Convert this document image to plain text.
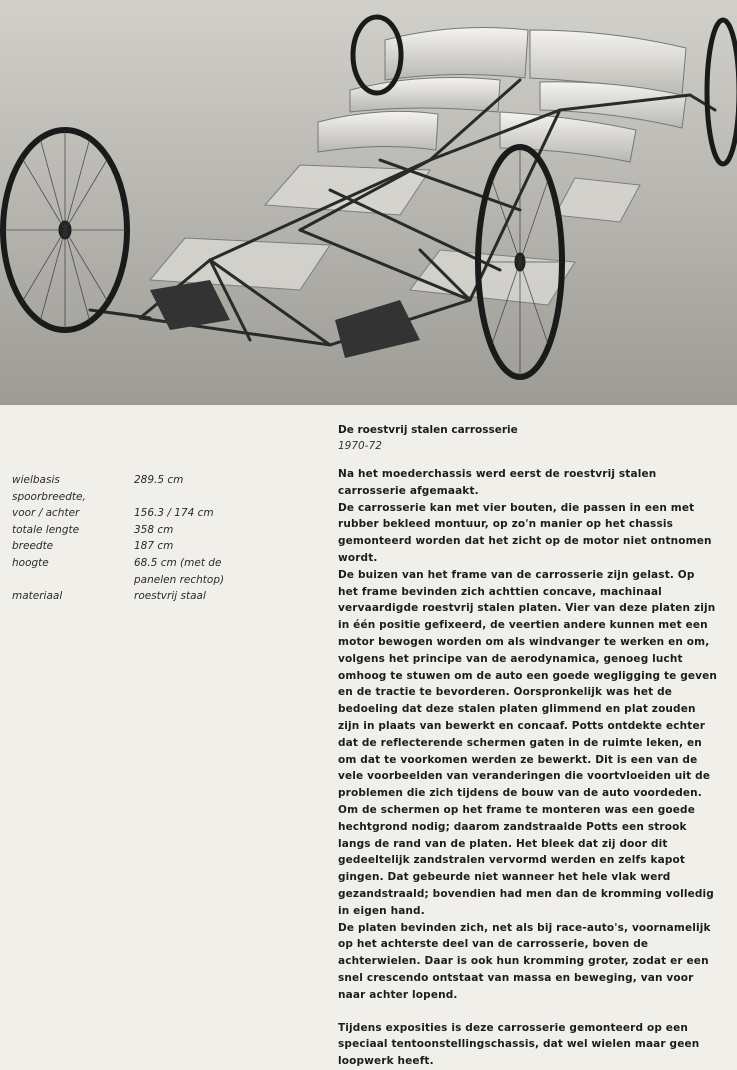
wielbasis	289.5 cm
spoorbreedte,
voor / achter	156.3 / 174 cm
totale lengte	358 cm
breedte	187 cm
hoogte	68.5 cm (met de
panelen rechtop)
materiaal	roestvrij staal
De roestvrij stalen carrosserie
1970-72
Na het moederchassis werd eerst de roestvrij stalen carrosserie afgemaakt.
De carrosserie kan met vier bouten, die passen in een met rubber bekleed montuur, op zo'n manier op het chassis gemonteerd worden dat het zicht op de motor niet ontnomen wordt.
De buizen van het frame van de carrosserie zijn gelast. Op het frame bevinden zich achttien concave, machinaal vervaardigde roestvrij stalen platen. Vier van deze platen zijn in één positie gefixeerd, de veertien andere kunnen met een motor bewogen worden om als windvanger te werken en om, volgens het principe van de aerodynamica, genoeg lucht omhoog te stuwen om de auto een goede wegligging te geven en de tractie te bevorderen. Oorspronkelijk was het de bedoeling dat deze stalen platen glimmend en plat zouden zijn in plaats van bewerkt en concaaf. Potts ontdekte echter dat de reflecterende schermen gaten in de ruimte leken, en om dat te voorkomen werden ze bewerkt. Dit is een van de vele voorbeelden van veranderingen die voortvloeiden uit de problemen die zich tijdens de bouw van de auto voordeden.
Om de schermen op het frame te monteren was een goede hechtgrond nodig; daarom zandstraalde Potts een strook langs de rand van de platen. Het bleek dat zij door dit gedeeltelijk zandstralen vervormd werden en zelfs kapot gingen. Dat gebeurde niet wanneer het hele vlak werd gezandstraald; bovendien had men dan de kromming volledig in eigen hand.
De platen bevinden zich, net als bij race-auto's, voornamelijk op het achterste deel van de carrosserie, boven de achterwielen. Daar is ook hun kromming groter, zodat er een snel crescendo ontstaat van massa en beweging, van voor naar achter lopend.
Tijdens exposities is deze carrosserie gemonteerd op een speciaal tentoonstellingschassis, dat wel wielen maar geen loopwerk heeft.
